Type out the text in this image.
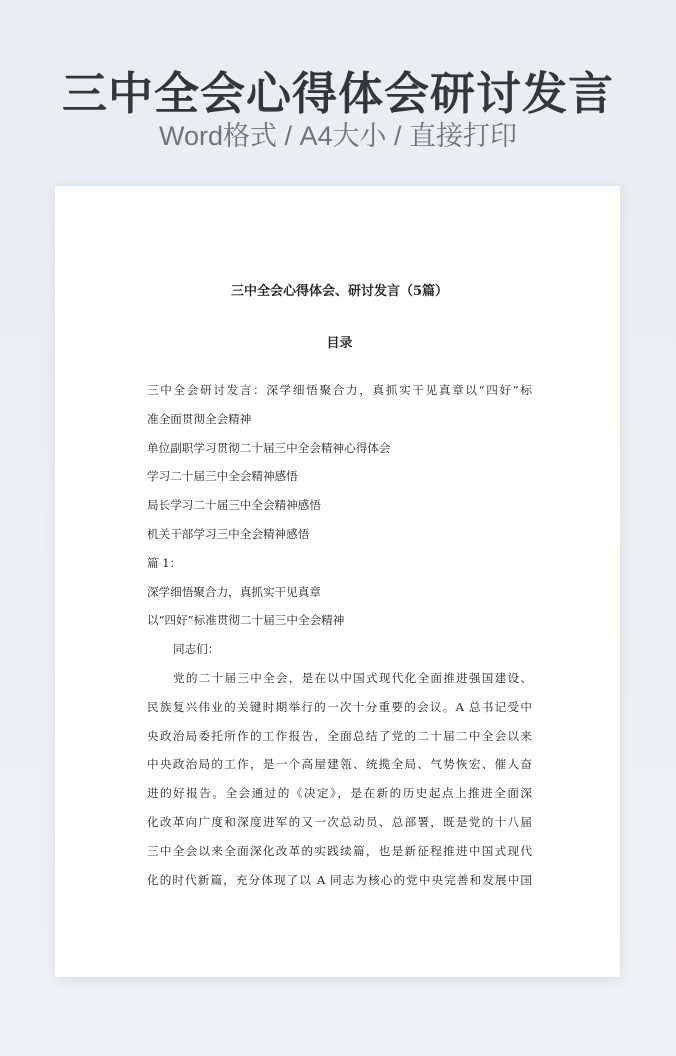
三中全会心得体会研讨发言
Word格式 / A4大小 / 直接打印
三中全会心得体会、研讨发言（5篇）
目录
三中全会研讨发言：深学细悟聚合力，真抓实干见真章以“四好”标
准全面贯彻全会精神
单位副职学习贯彻二十届三中全会精神心得体会
学习二十届三中全会精神感悟
局长学习二十届三中全会精神感悟
机关干部学习三中全会精神感悟
篇 1：
深学细悟聚合力，真抓实干见真章
以“四好”标准贯彻二十届三中全会精神
同志们：
党的二十届三中全会，是在以中国式现代化全面推进强国建设、
民族复兴伟业的关键时期举行的一次十分重要的会议。A 总书记受中
央政治局委托所作的工作报告，全面总结了党的二十届二中全会以来
中央政治局的工作，是一个高屋建瓴、统揽全局、气势恢宏、催人奋
进的好报告。全会通过的《决定》，是在新的历史起点上推进全面深
化改革向广度和深度进军的又一次总动员、总部署，既是党的十八届
三中全会以来全面深化改革的实践续篇，也是新征程推进中国式现代
化的时代新篇，充分体现了以 A 同志为核心的党中央完善和发展中国
